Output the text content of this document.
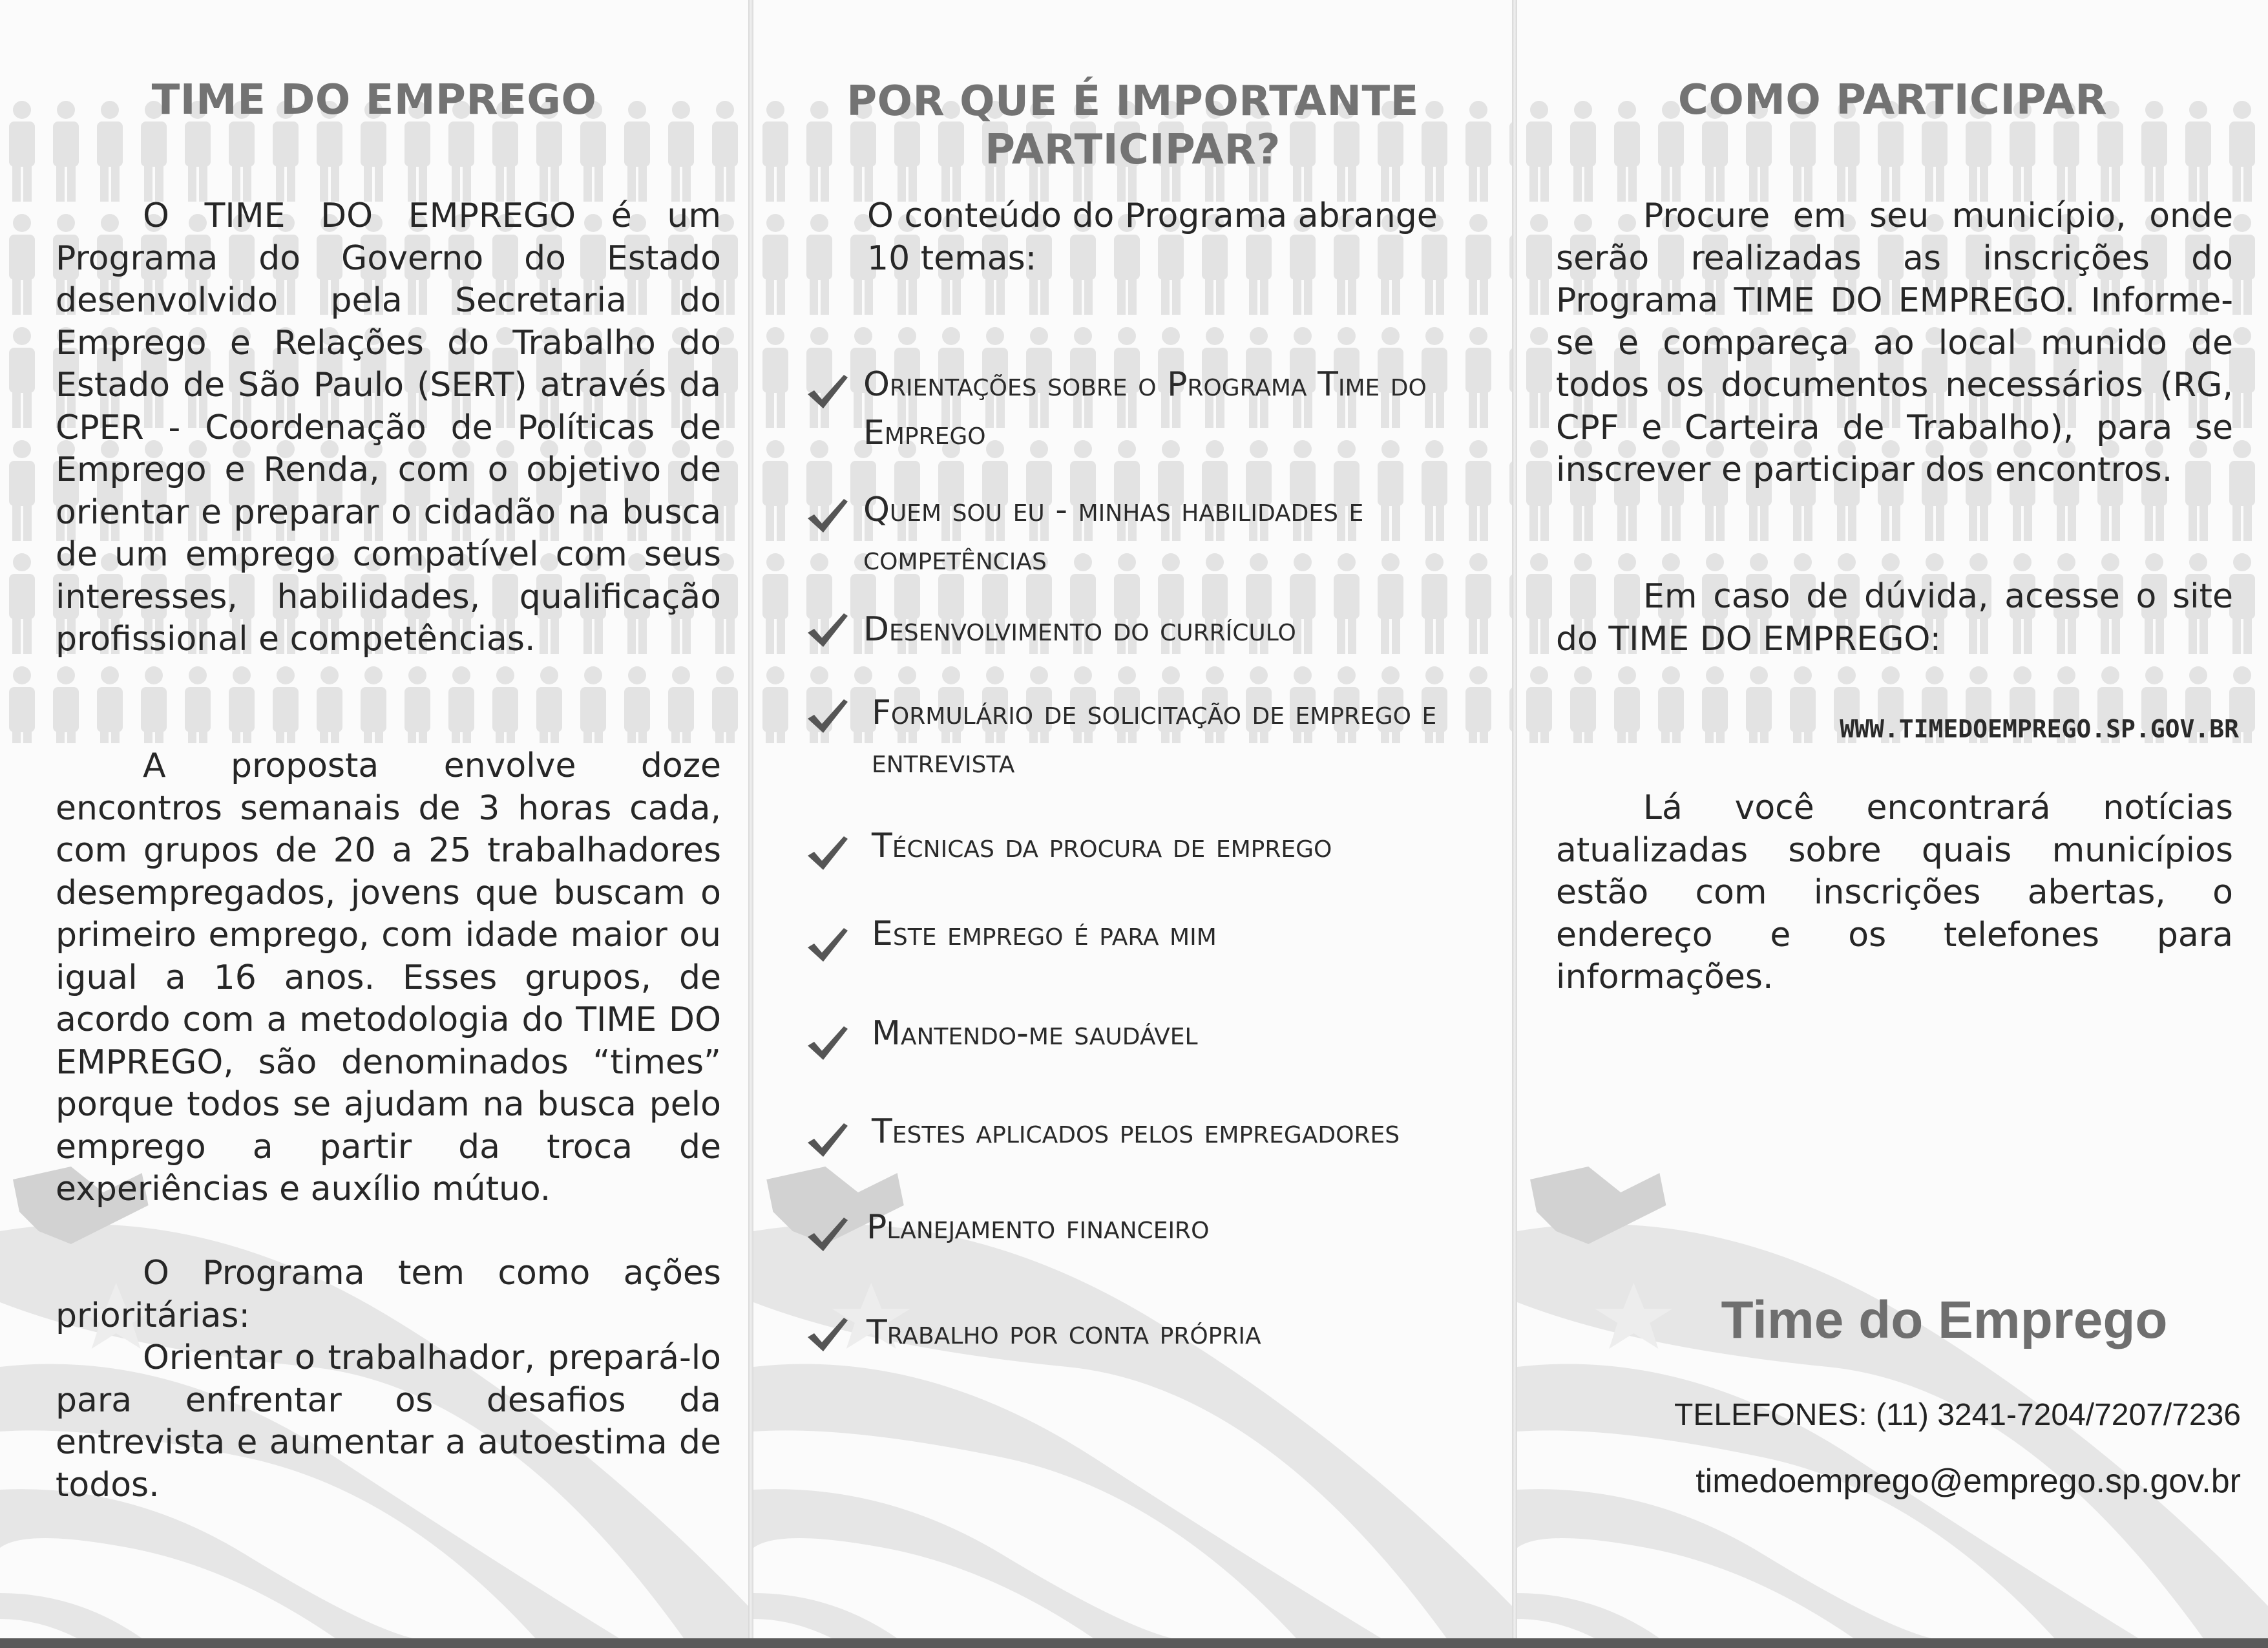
TIME DO EMPREGO
O TIME DO EMPREGO é um Programa do Governo do Estado desenvolvido pela Secretaria do Emprego e Relações do Trabalho do Estado de São Paulo (SERT) através da CPER - Coordenação de Políticas de Emprego e Renda, com o objetivo de orientar e preparar o cidadão na busca de um emprego compatível com seus interesses, habilidades, qualificação profissional e competências.
A proposta envolve doze encontros semanais de 3 horas cada, com grupos de 20 a 25 trabalhadores desempregados, jovens que buscam o primeiro emprego, com idade maior ou igual a 16 anos. Esses grupos, de acordo com a metodologia do TIME DO EMPREGO, são denominados “times” porque todos se ajudam na busca pelo emprego a partir da troca de experiências e auxílio mútuo.
O Programa tem como ações prioritárias:
Orientar o trabalhador, prepará-lo para enfrentar os desafios da entrevista e aumentar a autoestima de todos.
POR QUE É IMPORTANTE
PARTICIPAR?
O conteúdo do Programa abrange 10 temas:
Orientações sobre o Programa Time do Emprego
Quem sou eu - minhas habilidades e competências
Desenvolvimento do currículo
Formulário de solicitação de emprego e entrevista
Técnicas da procura de emprego
Este emprego é para mim
Mantendo-me saudável
Testes aplicados pelos empregadores
Planejamento financeiro
Trabalho por conta própria
COMO PARTICIPAR
Procure em seu município, onde serão realizadas as inscrições do Programa TIME DO EMPREGO. Informe-se e compareça ao local munido de todos os documentos necessários (RG, CPF e Carteira de Trabalho), para se inscrever e participar dos encontros.
Em caso de dúvida, acesse o site do TIME DO EMPREGO:
WWW.TIMEDOEMPREGO.SP.GOV.BR
Lá você encontrará notícias atualizadas sobre quais municípios estão com inscrições abertas, o endereço e os telefones para informações.
Time do Emprego
TELEFONES: (11) 3241-7204/7207/7236
timedoemprego@emprego.sp.gov.br
